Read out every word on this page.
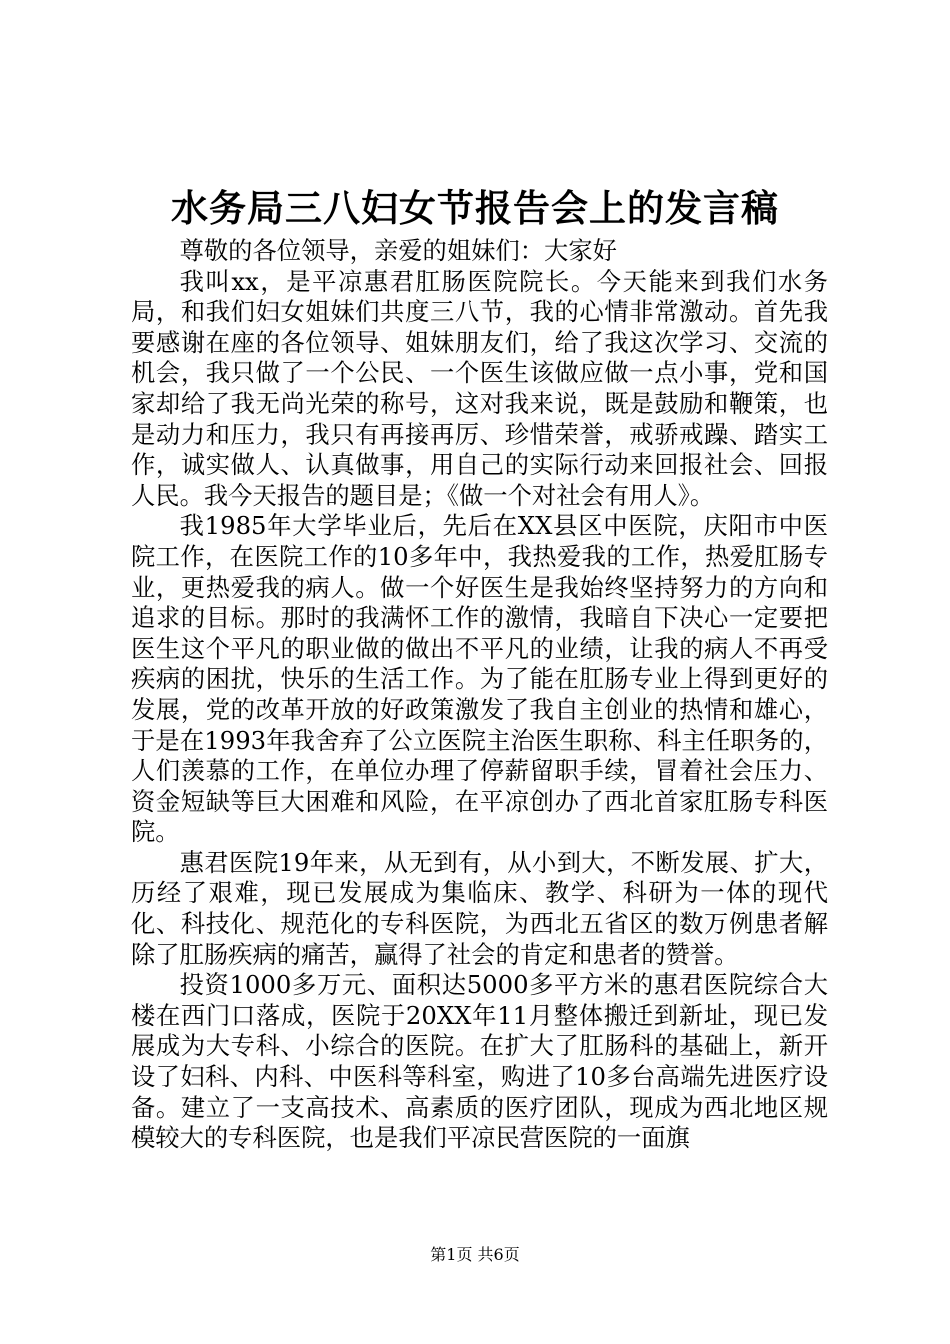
水务局三八妇女节报告会上的发言稿

尊敬的各位领导，亲爱的姐妹们：大家好

我叫xx，是平凉惠君肛肠医院院长。今天能来到我们水务局，和我们妇女姐妹们共度三八节，我的心情非常激动。首先我要感谢在座的各位领导、姐妹朋友们，给了我这次学习、交流的机会，我只做了一个公民、一个医生该做应做一点小事，党和国家却给了我无尚光荣的称号，这对我来说，既是鼓励和鞭策，也是动力和压力，我只有再接再厉、珍惜荣誉，戒骄戒躁、踏实工作，诚实做人、认真做事，用自己的实际行动来回报社会、回报人民。我今天报告的题目是；《做一个对社会有用人》。

我1985年大学毕业后，先后在XX县区中医院，庆阳市中医院工作，在医院工作的10多年中，我热爱我的工作，热爱肛肠专业，更热爱我的病人。做一个好医生是我始终坚持努力的方向和追求的目标。那时的我满怀工作的激情，我暗自下决心一定要把医生这个平凡的职业做的做出不平凡的业绩，让我的病人不再受疾病的困扰，快乐的生活工作。为了能在肛肠专业上得到更好的发展，党的改革开放的好政策激发了我自主创业的热情和雄心，于是在1993年我舍弃了公立医院主治医生职称、科主任职务的，人们羡慕的工作，在单位办理了停薪留职手续，冒着社会压力、资金短缺等巨大困难和风险，在平凉创办了西北首家肛肠专科医院。

惠君医院19年来，从无到有，从小到大，不断发展、扩大，历经了艰难，现已发展成为集临床、教学、科研为一体的现代化、科技化、规范化的专科医院，为西北五省区的数万例患者解除了肛肠疾病的痛苦，赢得了社会的肯定和患者的赞誉。

投资1000多万元、面积达5000多平方米的惠君医院综合大楼在西门口落成，医院于20XX年11月整体搬迁到新址，现已发展成为大专科、小综合的医院。在扩大了肛肠科的基础上，新开设了妇科、内科、中医科等科室，购进了10多台高端先进医疗设备。建立了一支高技术、高素质的医疗团队，现成为西北地区规模较大的专科医院，也是我们平凉民营医院的一面旗

第1页 共6页
